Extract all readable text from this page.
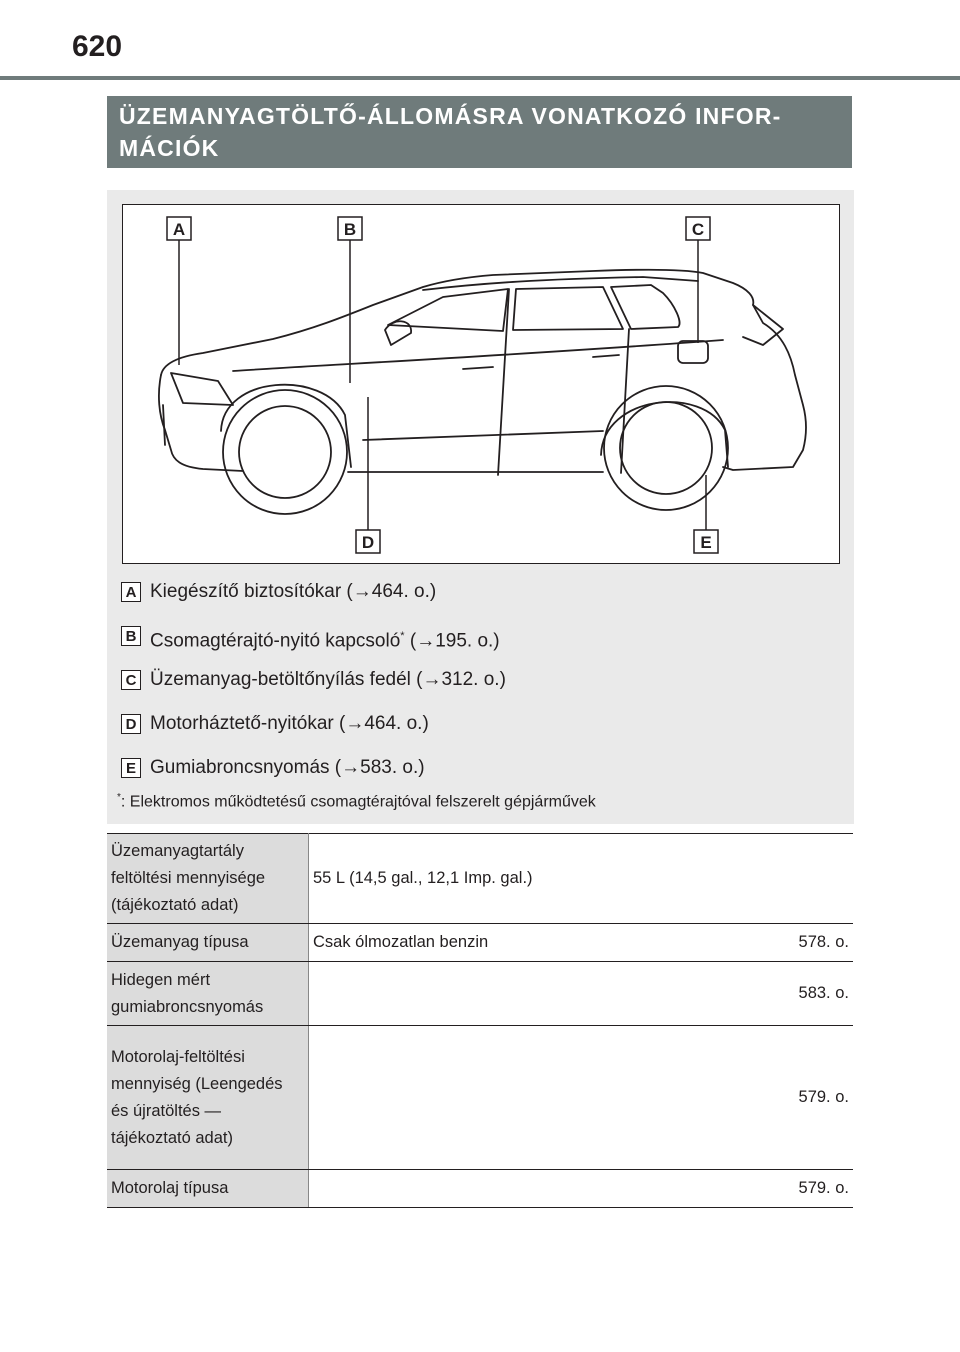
620
ÜZEMANYAGTÖLTŐ-ÁLLOMÁSRA VONATKOZÓ INFOR-
MÁCIÓK
A	B	C
D	E
A Kiegészítő biztosítókar (→464. o.)
B Csomagtérajtó-nyitó kapcsoló* (→195. o.)
C Üzemanyag-betöltőnyílás fedél (→312. o.)
D Motorháztető-nyitókar (→464. o.)
E Gumiabroncsnyomás (→583. o.)
*: Elektromos működtetésű csomagtérajtóval felszerelt gépjárművek
Üzemanyagtartály feltöltési mennyisége (tájékoztató adat)	55 L (14,5 gal., 12,1 Imp. gal.)	
Üzemanyag típusa	Csak ólmozatlan benzin	578. o.
Hidegen mért gumiabroncsnyomás		583. o.
Motorolaj-feltöltési mennyiség (Leengedés és újratöltés — tájékoztató adat)		579. o.
Motorolaj típusa		579. o.
